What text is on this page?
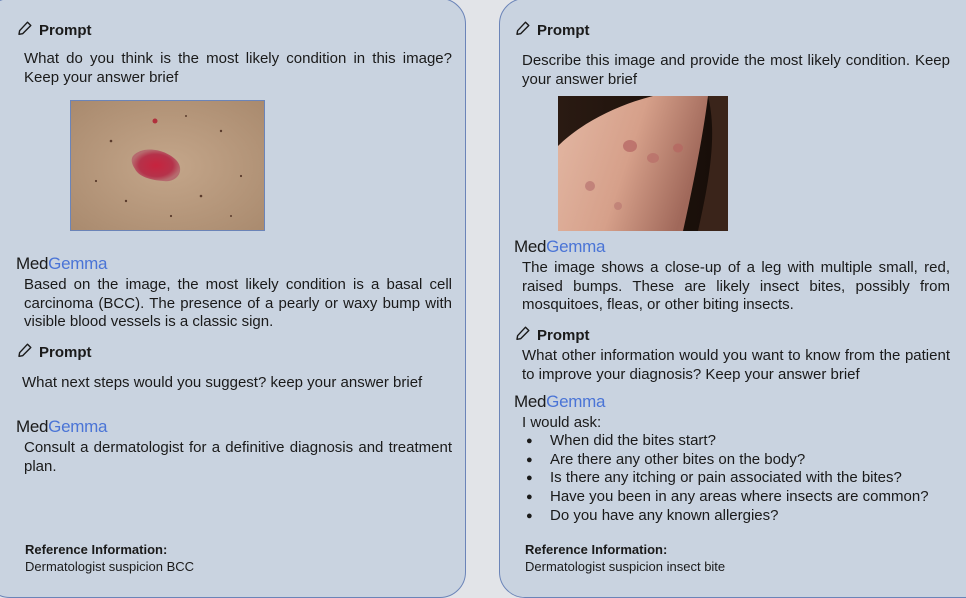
Prompt
What do you think is the most likely condition in this image? Keep your answer brief
MedGemma
Based on the image, the most likely condition is a basal cell carcinoma (BCC). The presence of a pearly or waxy bump with visible blood vessels is a classic sign.
Prompt
What next steps would you suggest? keep your answer brief
MedGemma
Consult a dermatologist for a definitive diagnosis and treatment plan.
Reference Information:
Dermatologist suspicion BCC
Prompt
Describe this image and provide the most likely condition. Keep your answer brief
MedGemma
The image shows a close-up of a leg with multiple small, red, raised bumps. These are likely insect bites, possibly from mosquitoes, fleas, or other biting insects.
Prompt
What other information would you want to know from the patient to improve your diagnosis? Keep your answer brief
MedGemma
I would ask:
● When did the bites start?
● Are there any other bites on the body?
● Is there any itching or pain associated with the bites?
● Have you been in any areas where insects are common?
● Do you have any known allergies?
Reference Information:
Dermatologist suspicion insect bite
